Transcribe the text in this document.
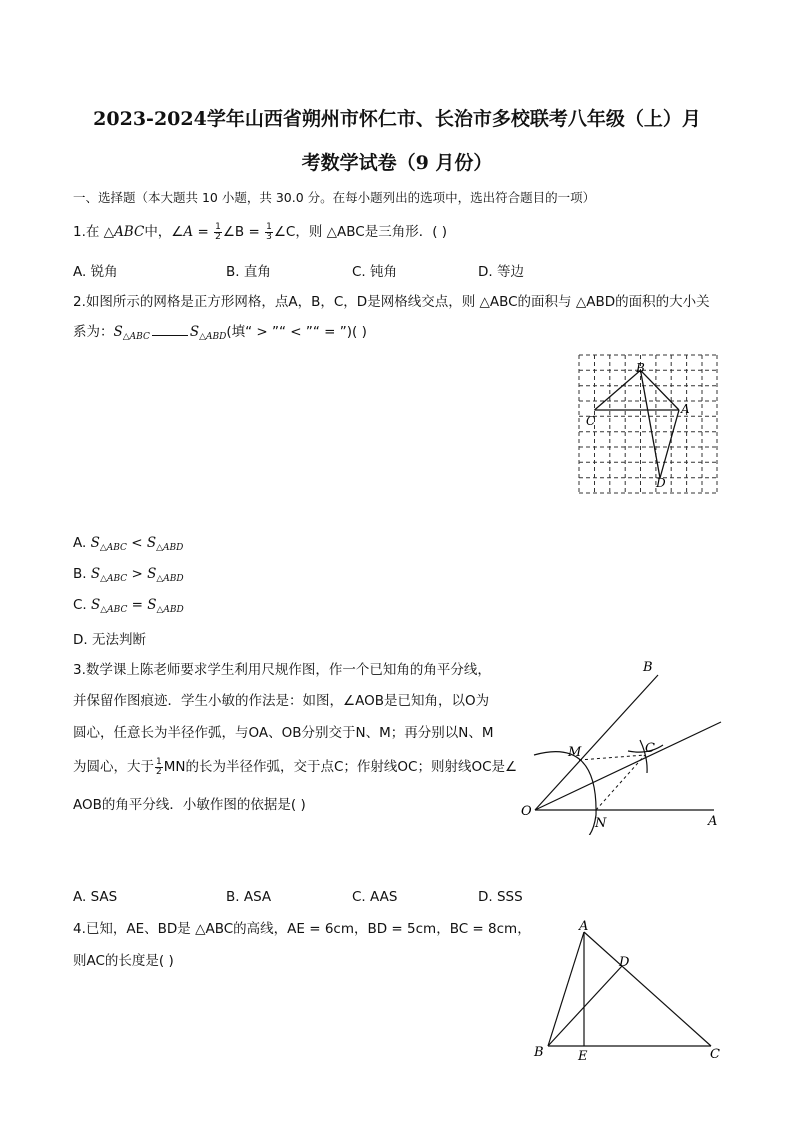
2023-2024学年山西省朔州市怀仁市、长治市多校联考八年级（上）月
考数学试卷（9 月份）
一、选择题（本大题共 10 小题，共 30.0 分。在每小题列出的选项中，选出符合题目的一项）
1.在 △ABC中，∠A = $\frac{1}{2}$ ∠B = $\frac{1}{3}$ ∠C，则 △ABC是三角形．( )
A. 锐角	B. 直角	C. 钝角	D. 等边
2.如图所示的网格是正方形网格，点A，B，C，D是网格线交点，则 △ABC的面积与 △ABD的面积的大小关
系为：$S_{\triangle ABC}$	$S_{\triangle ABD}$(填“ > ”“ < ”“ = ”)( )
B
A
C
D
A. $S_{\triangle ABC} < S_{\triangle ABD}$
B. $S_{\triangle ABC} > S_{\triangle ABD}$
C. $S_{\triangle ABC} = S_{\triangle ABD}$
D. 无法判断
3.数学课上陈老师要求学生利用尺规作图，作一个已知角的角平分线，
并保留作图痕迹．学生小敏的作法是：如图，∠AOB是已知角，以O为
圆心，任意长为半径作弧，与OA、OB分别交于N、M；再分别以N、M
为圆心，大于 $\frac{1}{2}$ MN的长为半径作弧，交于点C；作射线OC；则射线OC是∠
AOB的角平分线．小敏作图的依据是( )
B
M	C
O
N	A
A. SAS	B. ASA	C. AAS	D. SSS
4.已知，AE、BD是 △ABC的高线，AE = 6cm，BD = 5cm，BC = 8cm，
则AC的长度是( )
A
D
B	E	C
